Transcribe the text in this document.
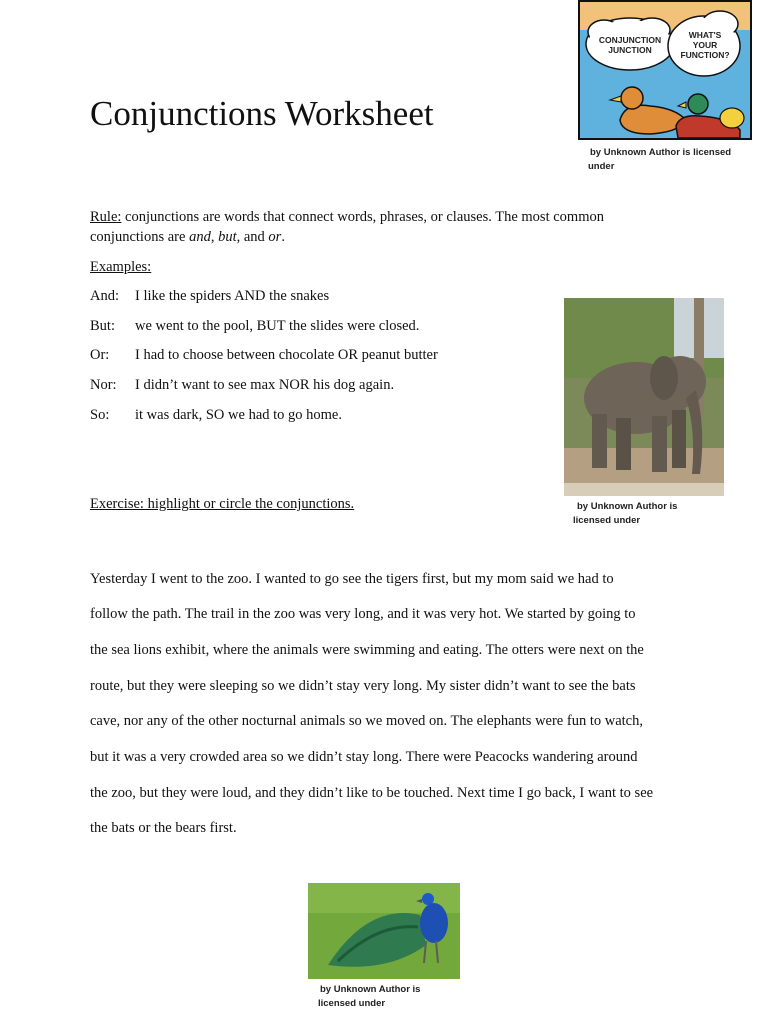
Conjunctions Worksheet
CONJUNCTION JUNCTION
WHAT'S YOUR FUNCTION?
by Unknown Author is licensed
under
Rule: conjunctions are words that connect words, phrases, or clauses. The most common
conjunctions are and, but, and or.
Examples:
And: I like the spiders AND the snakes
But: we went to the pool, BUT the slides were closed.
Or: I had to choose between chocolate OR peanut butter
Nor: I didn’t want to see max NOR his dog again.
So: it was dark, SO we had to go home.
by Unknown Author is
licensed under
Exercise: highlight or circle the conjunctions.
Yesterday I went to the zoo. I wanted to go see the tigers first, but my mom said we had to
follow the path. The trail in the zoo was very long, and it was very hot. We started by going to
the sea lions exhibit, where the animals were swimming and eating. The otters were next on the
route, but they were sleeping so we didn’t stay very long. My sister didn’t want to see the bats
cave, nor any of the other nocturnal animals so we moved on. The elephants were fun to watch,
but it was a very crowded area so we didn’t stay long. There were Peacocks wandering around
the zoo, but they were loud, and they didn’t like to be touched. Next time I go back, I want to see
the bats or the bears first.
by Unknown Author is
licensed under
